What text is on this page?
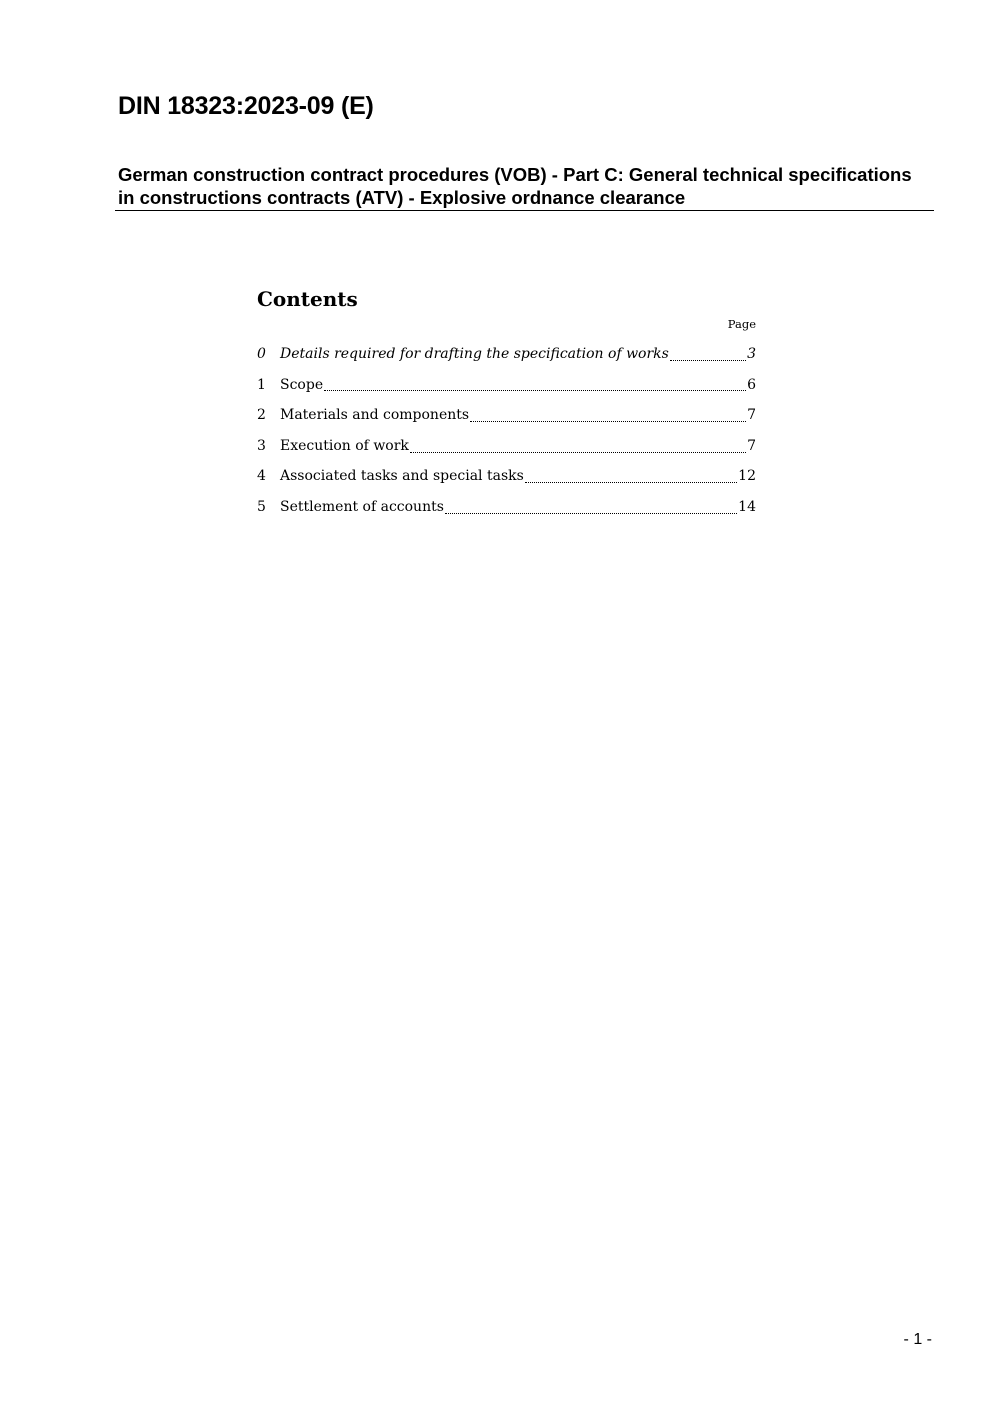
DIN 18323:2023-09 (E)
German construction contract procedures (VOB) - Part C: General technical specifications in constructions contracts (ATV) - Explosive ordnance clearance
Contents
Page
0	Details required for drafting the specification of works	3
1	Scope	6
2	Materials and components	7
3	Execution of work	7
4	Associated tasks and special tasks	12
5	Settlement of accounts	14
- 1 -
